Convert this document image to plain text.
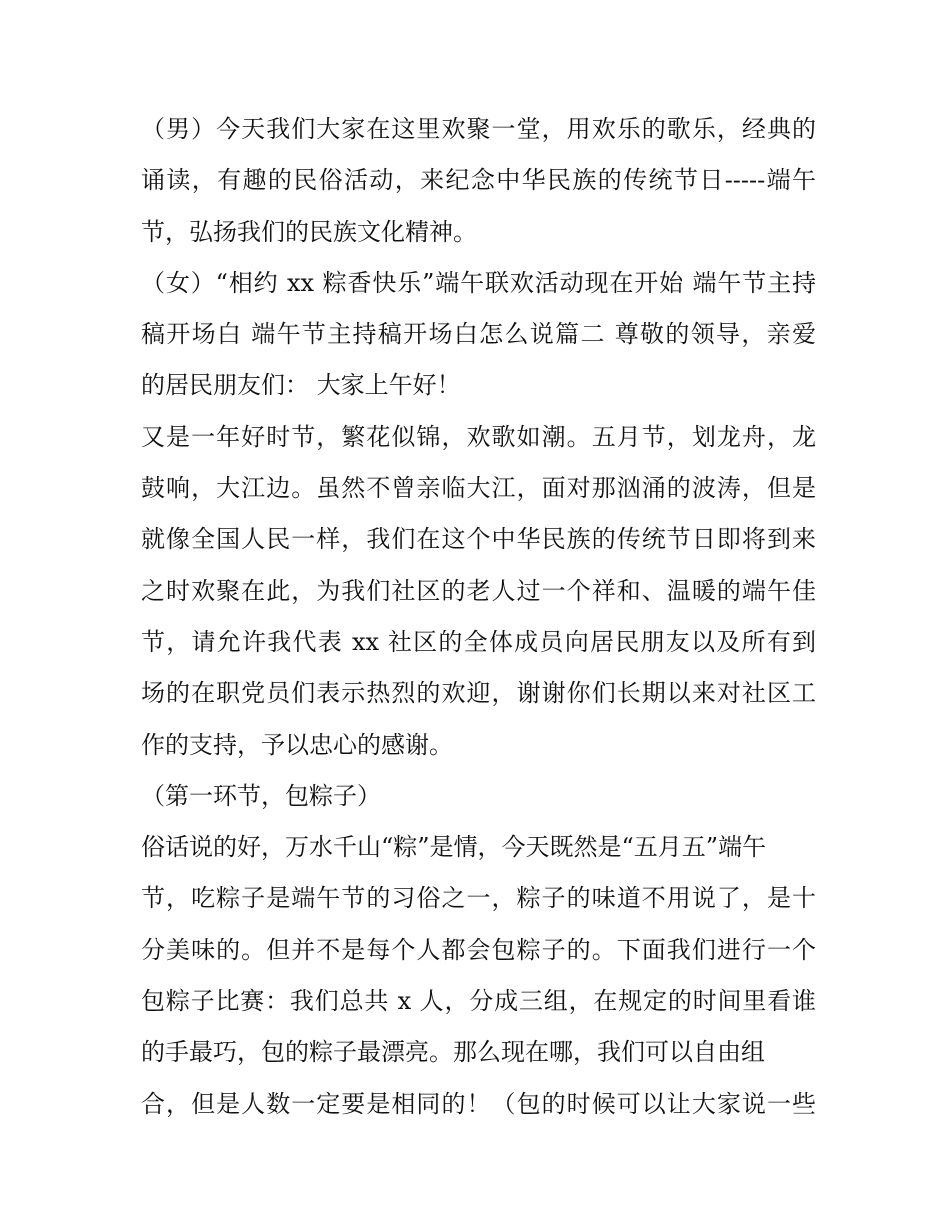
（男）今天我们大家在这里欢聚一堂，用欢乐的歌乐，经典的
诵读，有趣的民俗活动，来纪念中华民族的传统节日-----端午
节，弘扬我们的民族文化精神。
（女）“相约 xx 粽香快乐”端午联欢活动现在开始 端午节主持
稿开场白 端午节主持稿开场白怎么说篇二 尊敬的领导，亲爱
的居民朋友们： 大家上午好！
又是一年好时节，繁花似锦，欢歌如潮。五月节，划龙舟，龙
鼓响，大江边。虽然不曾亲临大江，面对那汹涌的波涛，但是
就像全国人民一样，我们在这个中华民族的传统节日即将到来
之时欢聚在此，为我们社区的老人过一个祥和、温暖的端午佳
节，请允许我代表 xx 社区的全体成员向居民朋友以及所有到
场的在职党员们表示热烈的欢迎，谢谢你们长期以来对社区工
作的支持，予以忠心的感谢。
（第一环节，包粽子）
俗话说的好，万水千山“粽”是情，今天既然是“五月五”端午
节，吃粽子是端午节的习俗之一，粽子的味道不用说了，是十
分美味的。但并不是每个人都会包粽子的。下面我们进行一个
包粽子比赛：我们总共 x 人，分成三组，在规定的时间里看谁
的手最巧，包的粽子最漂亮。那么现在哪，我们可以自由组
合，但是人数一定要是相同的！（包的时候可以让大家说一些
